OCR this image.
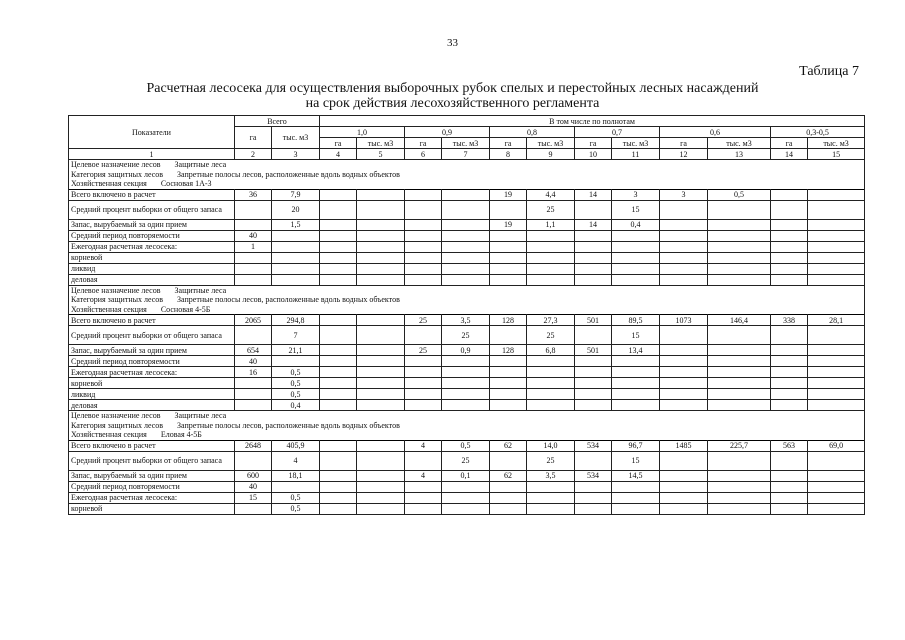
33
Таблица 7
Расчетная лесосека для осуществления выборочных рубок спелых и перестойных лесных насаждений
на срок действия лесохозяйственного регламента
Показатели	Всего		В том числе по полнотам											
	га	тыс. м3	1,0		0,9		0,8		0,7		0,6		0,3-0,5	
			га	тыс. м3	га	тыс. м3	га	тыс. м3	га	тыс. м3	га	тыс. м3	га	тыс. м3
1	2	3	4	5	6	7	8	9	10	11	12	13	14	15

Целевое назначение лесов Защитные леса
Категория защитных лесов Запретные полосы лесов, расположенные вдоль водных объектов
Хозяйственная секция Сосновая 1А-3														

Всего включено в расчет	36	7,9					19	4,4	14	3	3	0,5		
Средний процент выборки от общего запаса		20						25		15				
Запас, вырубаемый за один прием		1,5					19	1,1	14	0,4				
Средний период повторяемости	40													
Ежегодная расчетная лесосека:	1													
корневой														
ликвид														
деловая														

Целевое назначение лесов Защитные леса
Категория защитных лесов Запретные полосы лесов, расположенные вдоль водных объектов
Хозяйственная секция Сосновая 4-5Б														

Всего включено в расчет	2065	294,8			25	3,5	128	27,3	501	89,5	1073	146,4	338	28,1
Средний процент выборки от общего запаса		7				25		25		15				
Запас, вырубаемый за один прием	654	21,1			25	0,9	128	6,8	501	13,4				
Средний период повторяемости	40													
Ежегодная расчетная лесосека:	16	0,5												
корневой		0,5												
ликвид		0,5												
деловая		0,4												

Целевое назначение лесов Защитные леса
Категория защитных лесов Запретные полосы лесов, расположенные вдоль водных объектов
Хозяйственная секция Еловая 4-5Б														

Всего включено в расчет	2648	405,9			4	0,5	62	14,0	534	96,7	1485	225,7	563	69,0
Средний процент выборки от общего запаса		4				25		25		15				
Запас, вырубаемый за один прием	600	18,1			4	0,1	62	3,5	534	14,5				
Средний период повторяемости	40													
Ежегодная расчетная лесосека:	15	0,5												
корневой		0,5												
